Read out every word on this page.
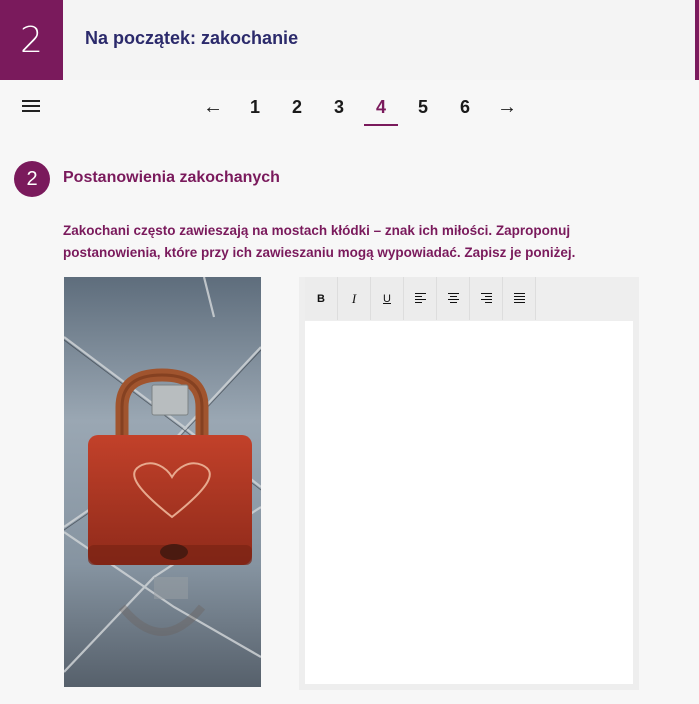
2	Na początek: zakochanie
←	1	2	3	4	5	6	→
2	Postanowienia zakochanych
Zakochani często zawieszają na mostach kłódki – znak ich miłości. Zaproponuj postanowienia, które przy ich zawieszaniu mogą wypowiadać. Zapisz je poniżej.
B	I	U
